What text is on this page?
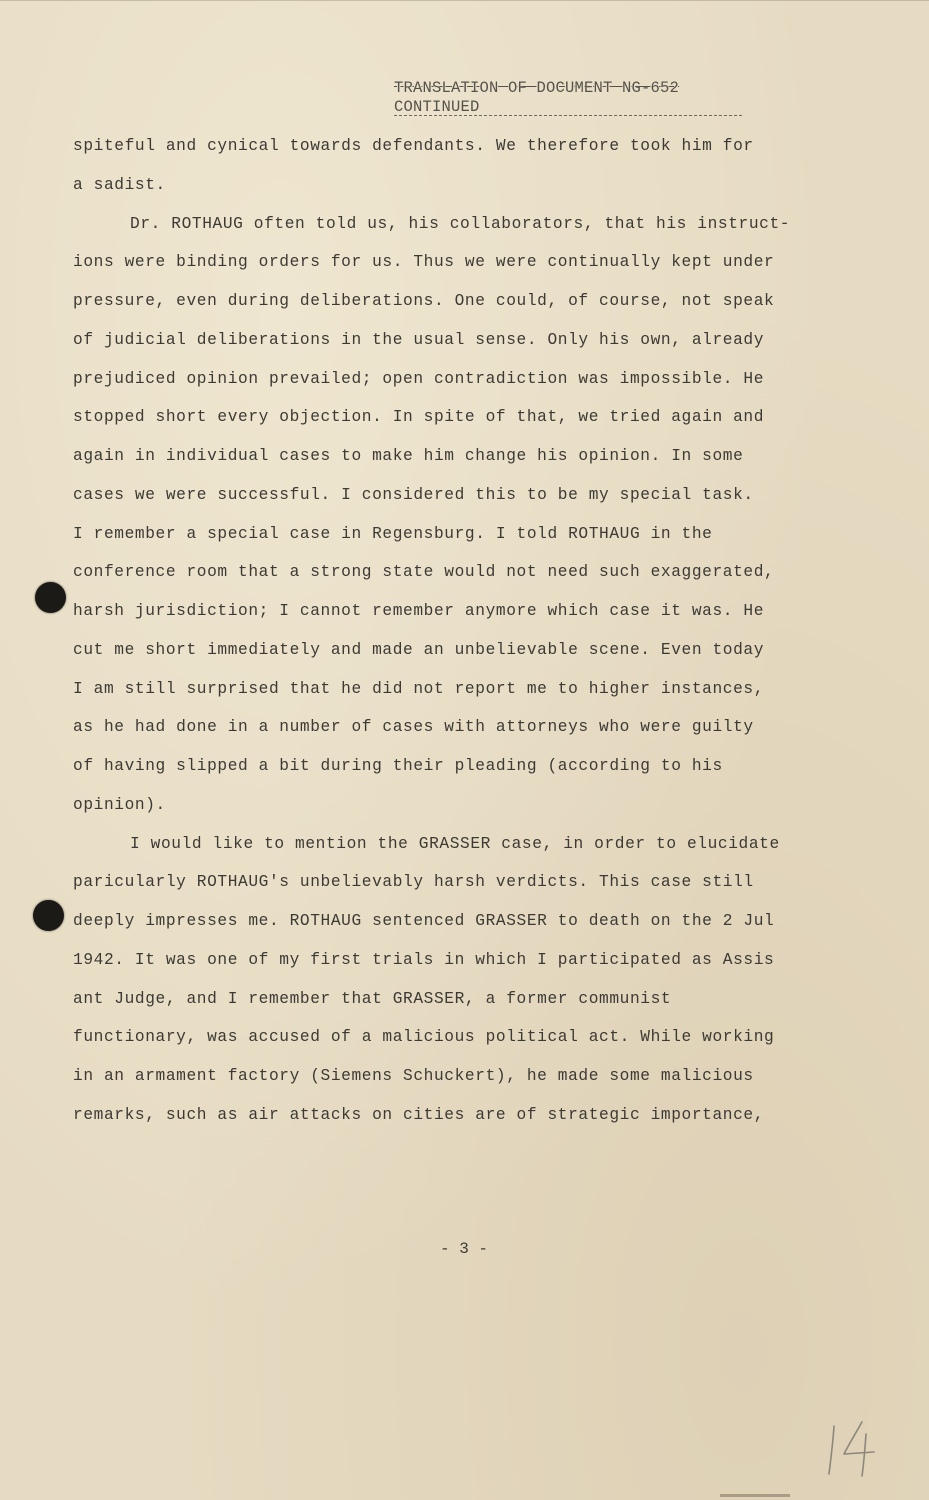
TRANSLATION OF DOCUMENT NG-652
CONTINUED
spiteful and cynical towards defendants. We therefore took him for
a sadist.
Dr. ROTHAUG often told us, his collaborators, that his instruct-
ions were binding orders for us. Thus we were continually kept under
pressure, even during deliberations. One could, of course, not speak
of judicial deliberations in the usual sense. Only his own, already
prejudiced opinion prevailed; open contradiction was impossible. He
stopped short every objection. In spite of that, we tried again and
again in individual cases to make him change his opinion. In some
cases we were successful. I considered this to be my special task.
I remember a special case in Regensburg. I told ROTHAUG in the
conference room that a strong state would not need such exaggerated,
harsh jurisdiction; I cannot remember anymore which case it was. He
cut me short immediately and made an unbelievable scene. Even today
I am still surprised that he did not report me to higher instances,
as he had done in a number of cases with attorneys who were guilty
of having slipped a bit during their pleading (according to his
opinion).
I would like to mention the GRASSER case, in order to elucidate
paricularly ROTHAUG's unbelievably harsh verdicts. This case still
deeply impresses me. ROTHAUG sentenced GRASSER to death on the 2 Jul
1942. It was one of my first trials in which I participated as Assis
ant Judge, and I remember that GRASSER, a former communist
functionary, was accused of a malicious political act. While working
in an armament factory (Siemens Schuckert), he made some malicious
remarks, such as air attacks on cities are of strategic importance,
- 3 -
